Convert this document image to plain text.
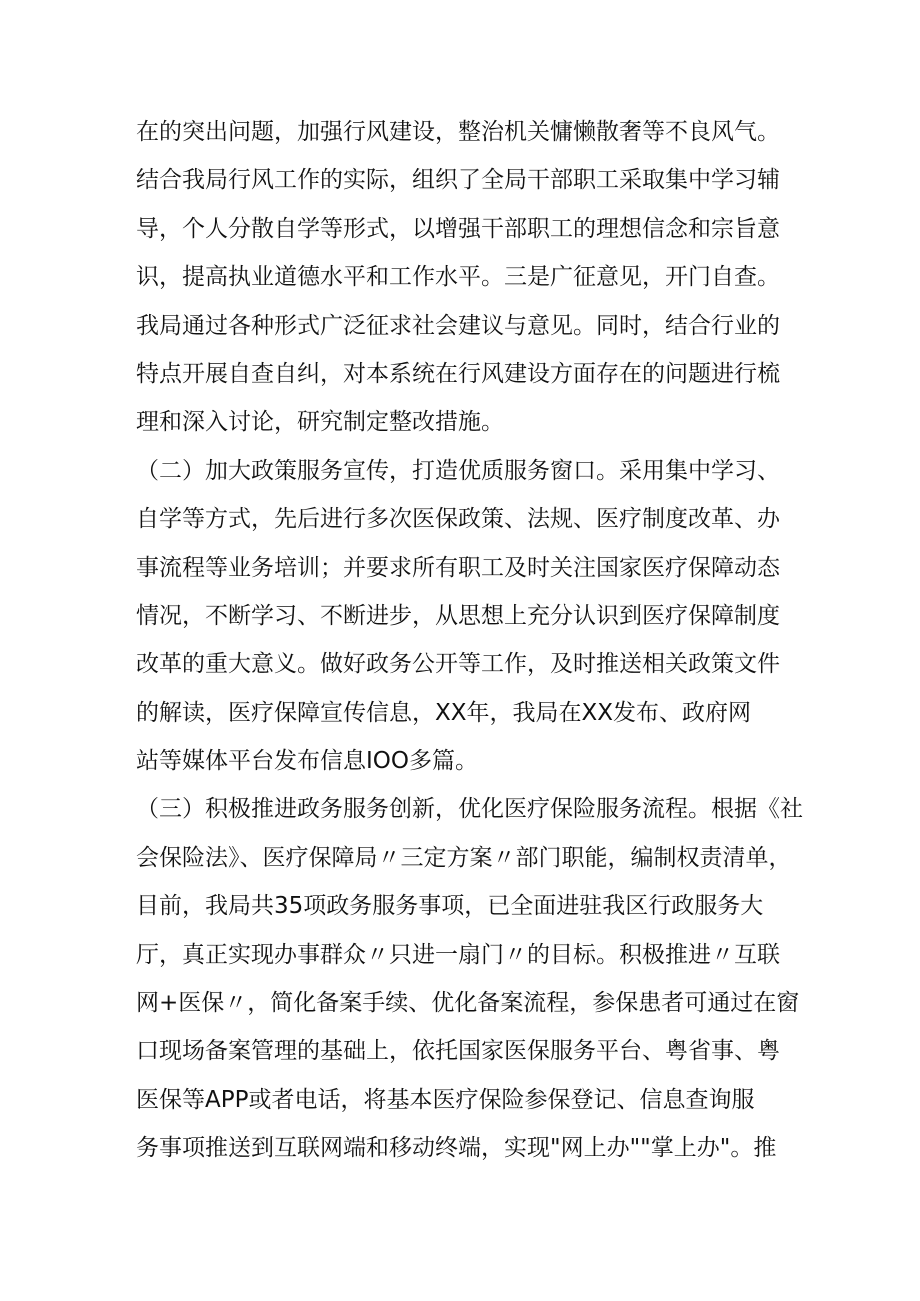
在的突出问题，加强行风建设，整治机关慵懒散奢等不良风气。
结合我局行风工作的实际，组织了全局干部职工采取集中学习辅
导，个人分散自学等形式，以增强干部职工的理想信念和宗旨意
识，提高执业道德水平和工作水平。三是广征意见，开门自查。
我局通过各种形式广泛征求社会建议与意见。同时，结合行业的
特点开展自查自纠，对本系统在行风建设方面存在的问题进行梳
理和深入讨论，研究制定整改措施。
（二）加大政策服务宣传，打造优质服务窗口。采用集中学习、
自学等方式，先后进行多次医保政策、法规、医疗制度改革、办
事流程等业务培训；并要求所有职工及时关注国家医疗保障动态
情况，不断学习、不断进步，从思想上充分认识到医疗保障制度
改革的重大意义。做好政务公开等工作，及时推送相关政策文件
的解读，医疗保障宣传信息，XX年，我局在XX发布、政府网
站等媒体平台发布信息IOO多篇。
（三）积极推进政务服务创新，优化医疗保险服务流程。根据《社
会保险法》、医疗保障局〃三定方案〃部门职能，编制权责清单，
目前，我局共35项政务服务事项，已全面进驻我区行政服务大
厅，真正实现办事群众〃只进一扇门〃的目标。积极推进〃互联
网+医保〃，简化备案手续、优化备案流程，参保患者可通过在窗
口现场备案管理的基础上，依托国家医保服务平台、粤省事、粤
医保等APP或者电话，将基本医疗保险参保登记、信息查询服
务事项推送到互联网端和移动终端，实现"网上办""掌上办"。推
